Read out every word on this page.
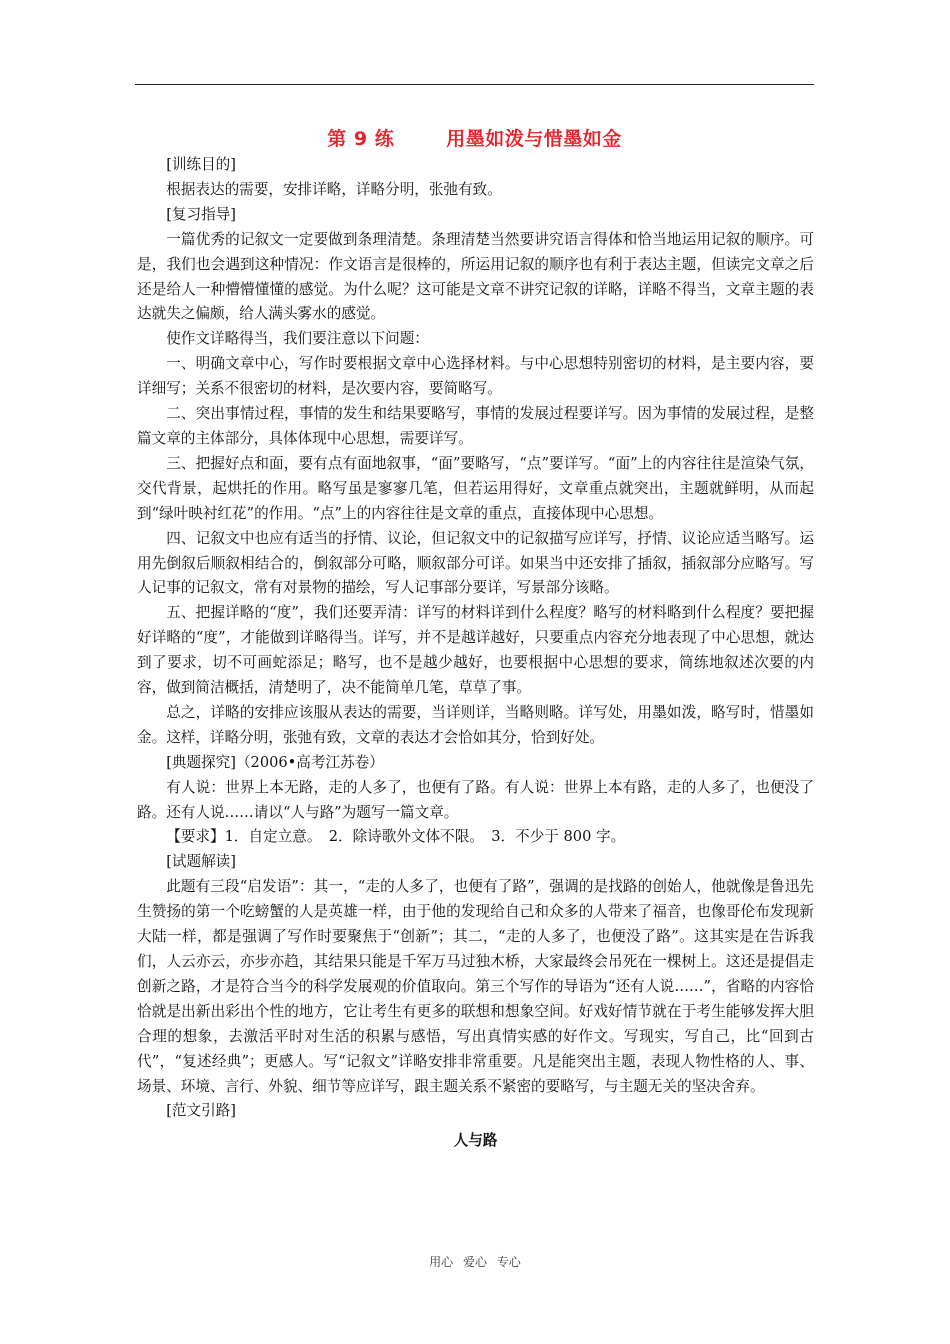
第 9 练	用墨如泼与惜墨如金

[训练目的]

根据表达的需要，安排详略，详略分明，张弛有致。

[复习指导]

一篇优秀的记叙文一定要做到条理清楚。条理清楚当然要讲究语言得体和恰当地运用记叙的顺序。可是，我们也会遇到这种情况：作文语言是很棒的，所运用记叙的顺序也有利于表达主题，但读完文章之后还是给人一种懵懵懂懂的感觉。为什么呢？这可能是文章不讲究记叙的详略，详略不得当，文章主题的表达就失之偏颇，给人满头雾水的感觉。

使作文详略得当，我们要注意以下问题：

一、明确文章中心，写作时要根据文章中心选择材料。与中心思想特别密切的材料，是主要内容，要详细写；关系不很密切的材料，是次要内容，要简略写。

二、突出事情过程，事情的发生和结果要略写，事情的发展过程要详写。因为事情的发展过程，是整篇文章的主体部分，具体体现中心思想，需要详写。

三、把握好点和面，要有点有面地叙事，“面”要略写，“点”要详写。“面”上的内容往往是渲染气氛，交代背景，起烘托的作用。略写虽是寥寥几笔，但若运用得好，文章重点就突出，主题就鲜明，从而起到“绿叶映衬红花”的作用。“点”上的内容往往是文章的重点，直接体现中心思想。

四、记叙文中也应有适当的抒情、议论，但记叙文中的记叙描写应详写，抒情、议论应适当略写。运用先倒叙后顺叙相结合的，倒叙部分可略，顺叙部分可详。如果当中还安排了插叙，插叙部分应略写。写人记事的记叙文，常有对景物的描绘，写人记事部分要详，写景部分该略。

五、把握详略的“度”，我们还要弄清：详写的材料详到什么程度？略写的材料略到什么程度？要把握好详略的“度”，才能做到详略得当。详写，并不是越详越好，只要重点内容充分地表现了中心思想，就达到了要求，切不可画蛇添足；略写，也不是越少越好，也要根据中心思想的要求，简练地叙述次要的内容，做到简洁概括，清楚明了，决不能简单几笔，草草了事。

总之，详略的安排应该服从表达的需要，当详则详，当略则略。详写处，用墨如泼，略写时，惜墨如金。这样，详略分明，张弛有致，文章的表达才会恰如其分，恰到好处。

[典题探究]（2006•高考江苏卷）

有人说：世界上本无路，走的人多了，也便有了路。有人说：世界上本有路，走的人多了，也便没了路。还有人说……请以“人与路”为题写一篇文章。

【要求】1．自定立意。　2．除诗歌外文体不限。　3．不少于 800 字。

[试题解读]

此题有三段“启发语”：其一，“走的人多了，也便有了路”，强调的是找路的创始人，他就像是鲁迅先生赞扬的第一个吃螃蟹的人是英雄一样，由于他的发现给自己和众多的人带来了福音，也像哥伦布发现新大陆一样，都是强调了写作时要聚焦于“创新”；其二，“走的人多了，也便没了路”。这其实是在告诉我们，人云亦云，亦步亦趋，其结果只能是千军万马过独木桥，大家最终会吊死在一棵树上。这还是提倡走创新之路，才是符合当今的科学发展观的价值取向。第三个写作的导语为“还有人说……”，省略的内容恰恰就是出新出彩出个性的地方，它让考生有更多的联想和想象空间。好戏好情节就在于考生能够发挥大胆合理的想象，去激活平时对生活的积累与感悟，写出真情实感的好作文。写现实，写自己，比“回到古代”，“复述经典”；更感人。写“记叙文”详略安排非常重要。凡是能突出主题，表现人物性格的人、事、场景、环境、言行、外貌、细节等应详写，跟主题关系不紧密的要略写，与主题无关的坚决舍弃。

[范文引路]

人与路

用心 爱心 专心
